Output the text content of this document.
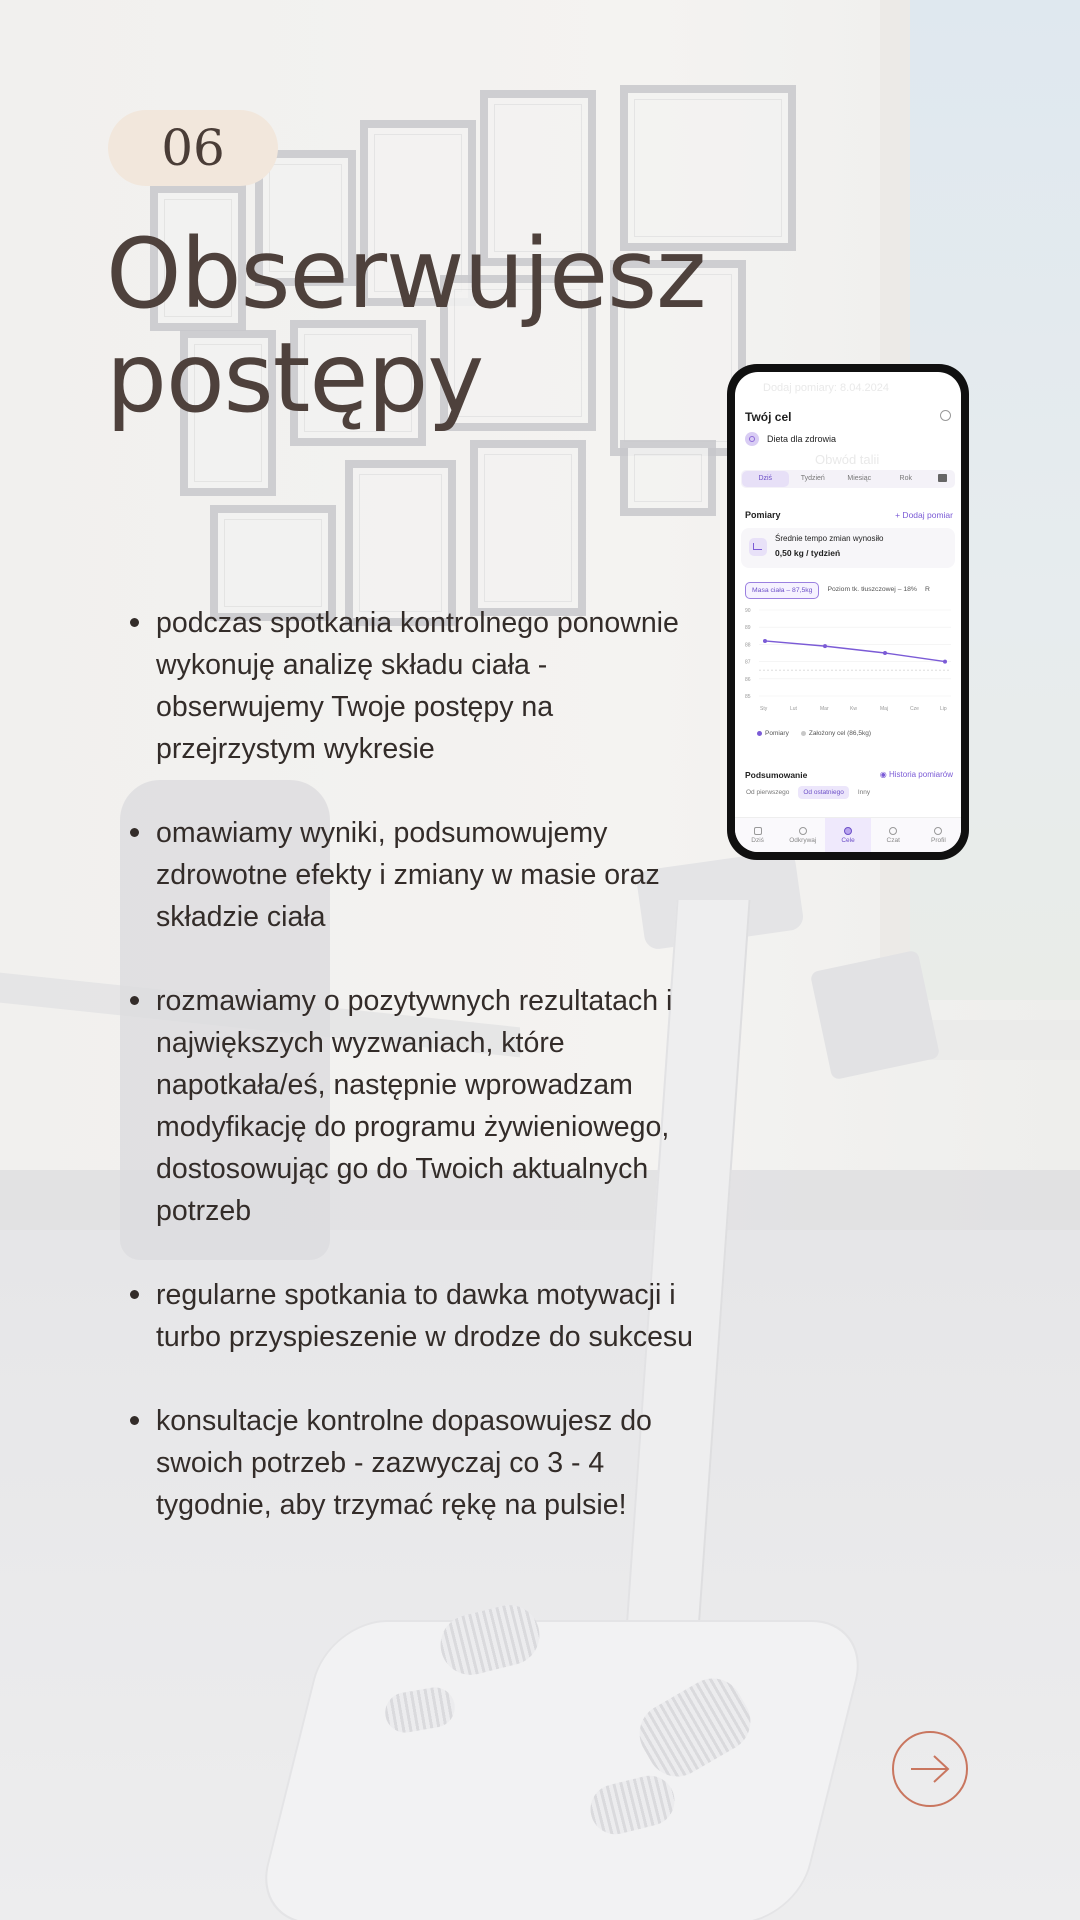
06
Obserwujesz
postępy
podczas spotkania kontrolnego ponownie wykonuję analizę składu ciała - obserwujemy Twoje postępy na przejrzystym wykresie
omawiamy wyniki, podsumowujemy zdrowotne efekty i zmiany w masie oraz składzie ciała
rozmawiamy o pozytywnych rezultatach i największych wyzwaniach, które napotkała/eś, następnie wprowadzam modyfikację do programu żywieniowego, dostosowując go do Twoich aktualnych potrzeb
regularne spotkania to dawka motywacji i turbo przyspieszenie w drodze do sukcesu
konsultacje kontrolne dopasowujesz do swoich potrzeb - zazwyczaj co 3 - 4 tygodnie, aby trzymać rękę na pulsie!
Dodaj pomiary: 8.04.2024
Obwód talii
Twój cel
Dieta dla zdrowia
Dziś	Tydzień	Miesiąc	Rok
Pomiary	+ Dodaj pomiar
Średnie tempo zmian wynosiło
0,50 kg / tydzień
Masa ciała – 87,5kg	Poziom tk. tłuszczowej – 18% R
90
89
88
87
86
85
Sty	Lut	Mar	Kw	Maj	Cze	Lip
Pomiary	Założony cel (86,5kg)
Podsumowanie	◉ Historia pomiarów
Od pierwszego	Od ostatniego	Inny
Dziś	Odkrywaj	Cele	Czat	Profil
